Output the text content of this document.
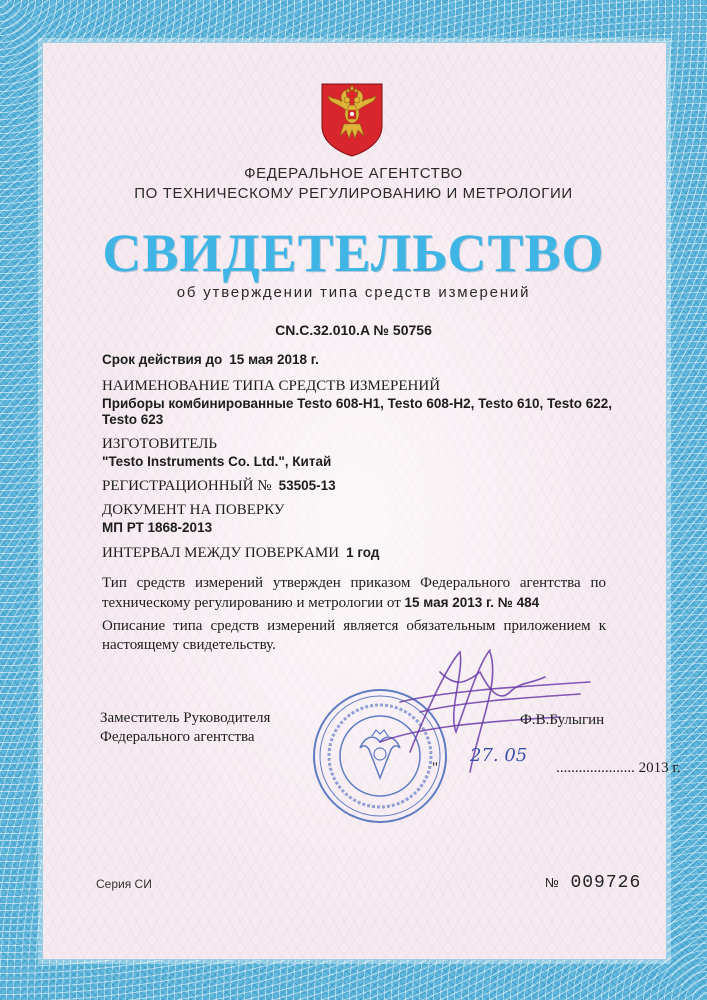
ФЕДЕРАЛЬНОЕ АГЕНТСТВО
ПО ТЕХНИЧЕСКОМУ РЕГУЛИРОВАНИЮ И МЕТРОЛОГИИ
СВИДЕТЕЛЬСТВО
об утверждении типа средств измерений
CN.C.32.010.A № 50756
Срок действия до 15 мая 2018 г.
НАИМЕНОВАНИЕ ТИПА СРЕДСТВ ИЗМЕРЕНИЙ
Приборы комбинированные Testo 608-H1, Testo 608-H2, Testo 610, Testo 622,
Testo 623
ИЗГОТОВИТЕЛЬ
"Testo Instruments Co. Ltd.", Китай
РЕГИСТРАЦИОННЫЙ № 53505-13
ДОКУМЕНТ НА ПОВЕРКУ
МП РТ 1868-2013
ИНТЕРВАЛ МЕЖДУ ПОВЕРКАМИ 1 год
Тип средств измерений утвержден приказом Федерального агентства по техническому регулированию и метрологии от 15 мая 2013 г. № 484
Описание типа средств измерений является обязательным приложением к настоящему свидетельству.
Заместитель Руководителя
Федерального агентства
Ф.В.Булыгин
"	..................... 2013 г.
27. 05
Серия СИ	№ 009726
